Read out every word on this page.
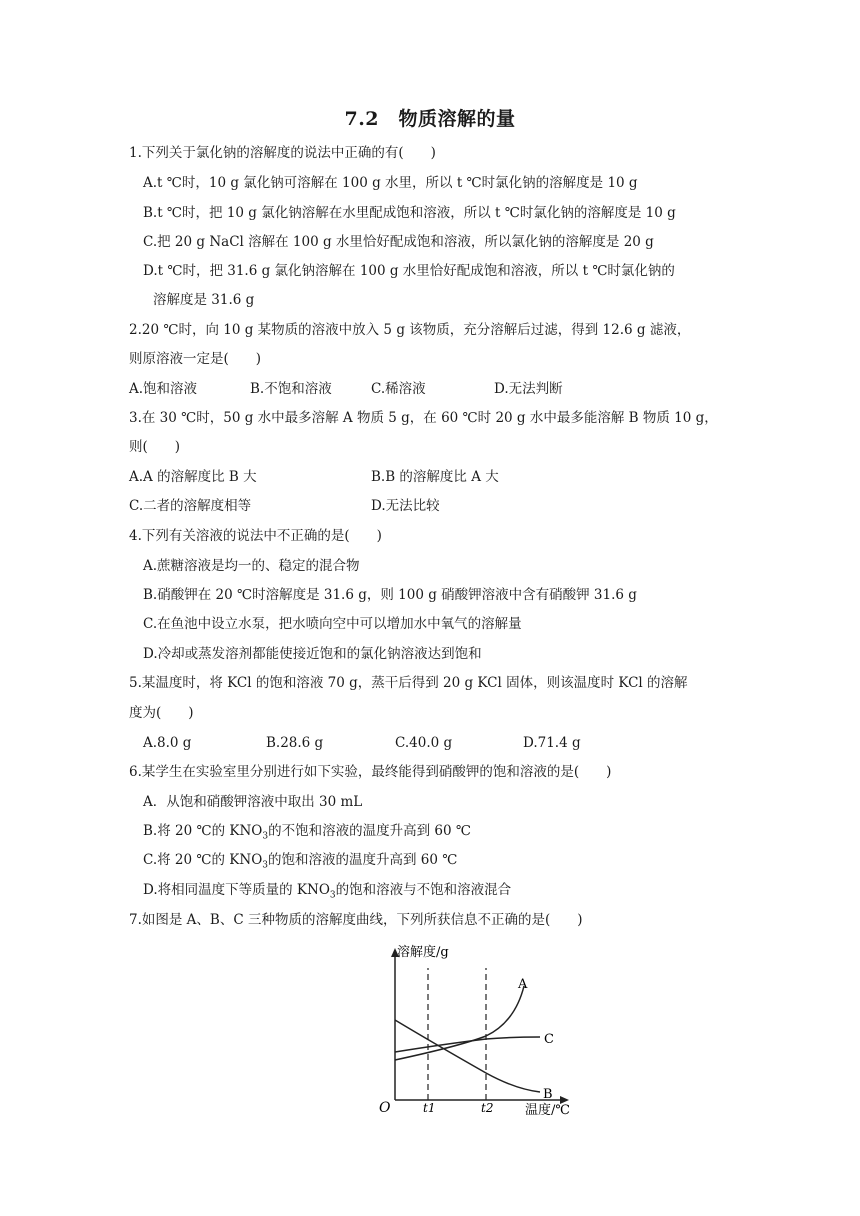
7.2　物质溶解的量
1.下列关于氯化钠的溶解度的说法中正确的有(　　)
A.t ℃时，10 g 氯化钠可溶解在 100 g 水里，所以 t ℃时氯化钠的溶解度是 10 g
B.t ℃时，把 10 g 氯化钠溶解在水里配成饱和溶液，所以 t ℃时氯化钠的溶解度是 10 g
C.把 20 g NaCl 溶解在 100 g 水里恰好配成饱和溶液，所以氯化钠的溶解度是 20 g
D.t ℃时，把 31.6 g 氯化钠溶解在 100 g 水里恰好配成饱和溶液，所以 t ℃时氯化钠的
溶解度是 31.6 g
2.20 ℃时，向 10 g 某物质的溶液中放入 5 g 该物质，充分溶解后过滤，得到 12.6 g 滤液，
则原溶液一定是(　　)
A.饱和溶液	B.不饱和溶液	C.稀溶液	D.无法判断
3.在 30 ℃时，50 g 水中最多溶解 A 物质 5 g，在 60 ℃时 20 g 水中最多能溶解 B 物质 10 g，
则(　　)
A.A 的溶解度比 B 大	B.B 的溶解度比 A 大
C.二者的溶解度相等	D.无法比较
4.下列有关溶液的说法中不正确的是(　　)
A.蔗糖溶液是均一的、稳定的混合物
B.硝酸钾在 20 ℃时溶解度是 31.6 g，则 100 g 硝酸钾溶液中含有硝酸钾 31.6 g
C.在鱼池中设立水泵，把水喷向空中可以增加水中氧气的溶解量
D.冷却或蒸发溶剂都能使接近饱和的氯化钠溶液达到饱和
5.某温度时，将 KCl 的饱和溶液 70 g，蒸干后得到 20 g KCl 固体，则该温度时 KCl 的溶解
度为(　　)
A.8.0 g	B.28.6 g	C.40.0 g	D.71.4 g
6.某学生在实验室里分别进行如下实验，最终能得到硝酸钾的饱和溶液的是(　　)
A．从饱和硝酸钾溶液中取出 30 mL
B.将 20 ℃的 $KNO_3$的不饱和溶液的温度升高到 60 ℃
C.将 20 ℃的 $KNO_3$的饱和溶液的温度升高到 60 ℃
D.将相同温度下等质量的 $KNO_3$的饱和溶液与不饱和溶液混合
7.如图是 A、B、C 三种物质的溶解度曲线，下列所获信息不正确的是(　　)
溶解度/g
温度/℃
O	t1	t2
A
B
C
